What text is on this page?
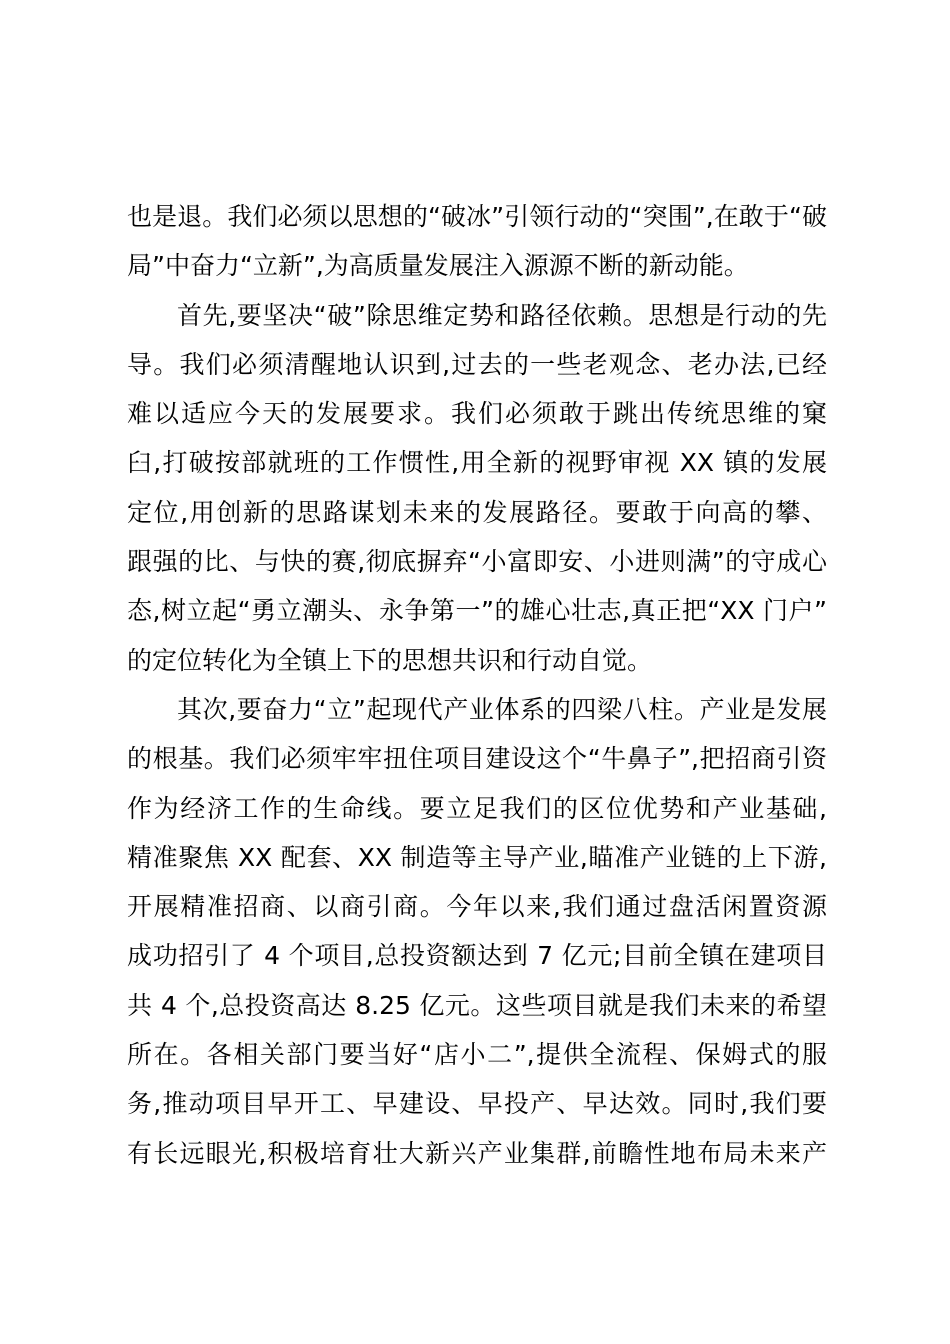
也是退。我们必须以思想的“破冰”引领行动的“突围”,在敢于“破
局”中奋力“立新”,为高质量发展注入源源不断的新动能。
首先,要坚决“破”除思维定势和路径依赖。思想是行动的先
导。我们必须清醒地认识到,过去的一些老观念、老办法,已经
难以适应今天的发展要求。我们必须敢于跳出传统思维的窠
臼,打破按部就班的工作惯性,用全新的视野审视 XX 镇的发展
定位,用创新的思路谋划未来的发展路径。要敢于向高的攀、
跟强的比、与快的赛,彻底摒弃“小富即安、小进则满”的守成心
态,树立起“勇立潮头、永争第一”的雄心壮志,真正把“XX 门户”
的定位转化为全镇上下的思想共识和行动自觉。
其次,要奋力“立”起现代产业体系的四梁八柱。产业是发展
的根基。我们必须牢牢扭住项目建设这个“牛鼻子”,把招商引资
作为经济工作的生命线。要立足我们的区位优势和产业基础,
精准聚焦 XX 配套、XX 制造等主导产业,瞄准产业链的上下游,
开展精准招商、以商引商。今年以来,我们通过盘活闲置资源
成功招引了 4 个项目,总投资额达到 7 亿元;目前全镇在建项目
共 4 个,总投资高达 8.25 亿元。这些项目就是我们未来的希望
所在。各相关部门要当好“店小二”,提供全流程、保姆式的服
务,推动项目早开工、早建设、早投产、早达效。同时,我们要
有长远眼光,积极培育壮大新兴产业集群,前瞻性地布局未来产
